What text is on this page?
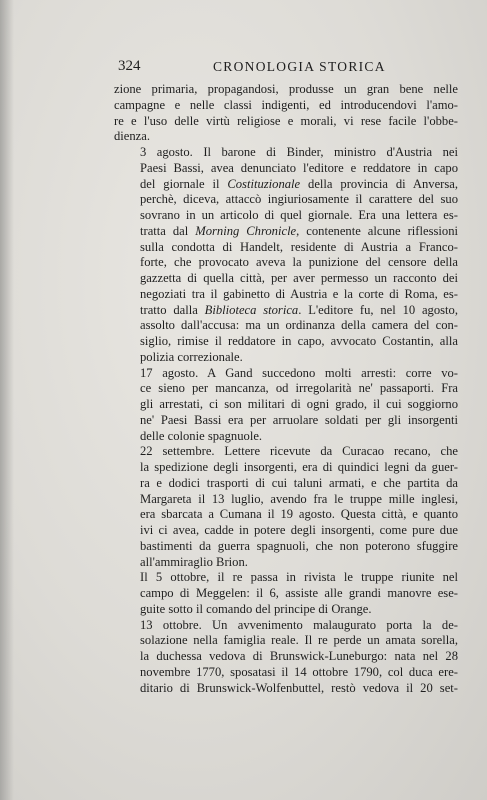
324	CRONOLOGIA STORICA

zione primaria, propagandosi, produsse un gran bene nelle
campagne e nelle classi indigenti, ed introducendovi l'amo-
re e l'uso delle virtù religiose e morali, vi rese facile l'obbe-
dienza.

3 agosto. Il barone di Binder, ministro d'Austria nei
Paesi Bassi, avea denunciato l'editore e reddatore in capo
del giornale il Costituzionale della provincia di Anversa,
perchè, diceva, attaccò ingiuriosamente il carattere del suo
sovrano in un articolo di quel giornale. Era una lettera es-
tratta dal Morning Chronicle, contenente alcune riflessioni
sulla condotta di Handelt, residente di Austria a Franco-
forte, che provocato aveva la punizione del censore della
gazzetta di quella città, per aver permesso un racconto dei
negoziati tra il gabinetto di Austria e la corte di Roma, es-
tratto dalla Biblioteca storica. L'editore fu, nel 10 agosto,
assolto dall'accusa: ma un ordinanza della camera del con-
siglio, rimise il reddatore in capo, avvocato Costantin, alla
polizia correzionale.

17 agosto. A Gand succedono molti arresti: corre vo-
ce sieno per mancanza, od irregolarità ne' passaporti. Fra
gli arrestati, ci son militari di ogni grado, il cui soggiorno
ne' Paesi Bassi era per arruolare soldati per gli insorgenti
delle colonie spagnuole.

22 settembre. Lettere ricevute da Curacao recano, che
la spedizione degli insorgenti, era di quindici legni da guer-
ra e dodici trasporti di cui taluni armati, e che partita da
Margareta il 13 luglio, avendo fra le truppe mille inglesi,
era sbarcata a Cumana il 19 agosto. Questa città, e quanto
ivi ci avea, cadde in potere degli insorgenti, come pure due
bastimenti da guerra spagnuoli, che non poterono sfuggire
all'ammiraglio Brion.

Il 5 ottobre, il re passa in rivista le truppe riunite nel
campo di Meggelen: il 6, assiste alle grandi manovre ese-
guite sotto il comando del principe di Orange.

13 ottobre. Un avvenimento malaugurato porta la de-
solazione nella famiglia reale. Il re perde un amata sorella,
la duchessa vedova di Brunswick-Luneburgo: nata nel 28
novembre 1770, sposatasi il 14 ottobre 1790, col duca ere-
ditario di Brunswick-Wolfenbuttel, restò vedova il 20 set-
